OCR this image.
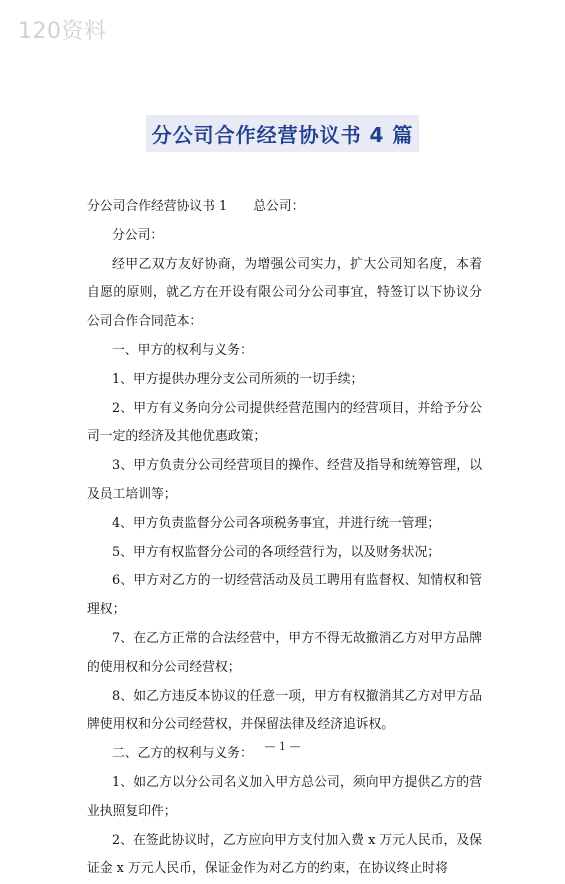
120资料
分公司合作经营协议书 4 篇

分公司合作经营协议书 1 总公司：

分公司：

经甲乙双方友好协商，为增强公司实力，扩大公司知名度，本着自愿的原则，就乙方在开设有限公司分公司事宜，特签订以下协议分公司合作合同范本：

一、甲方的权利与义务：

1、甲方提供办理分支公司所须的一切手续；

2、甲方有义务向分公司提供经营范围内的经营项目，并给予分公司一定的经济及其他优惠政策；

3、甲方负责分公司经营项目的操作、经营及指导和统筹管理，以及员工培训等；

4、甲方负责监督分公司各项税务事宜，并进行统一管理；

5、甲方有权监督分公司的各项经营行为，以及财务状况；

6、甲方对乙方的一切经营活动及员工聘用有监督权、知情权和管理权；

7、在乙方正常的合法经营中，甲方不得无故撤消乙方对甲方品牌的使用权和分公司经营权；

8、如乙方违反本协议的任意一项，甲方有权撤消其乙方对甲方品牌使用权和分公司经营权，并保留法律及经济追诉权。

二、乙方的权利与义务：

1、如乙方以分公司名义加入甲方总公司，须向甲方提供乙方的营业执照复印件；

2、在签此协议时，乙方应向甲方支付加入费 x 万元人民币，及保证金 x 万元人民币，保证金作为对乙方的约束，在协议终止时将

— 1 —
